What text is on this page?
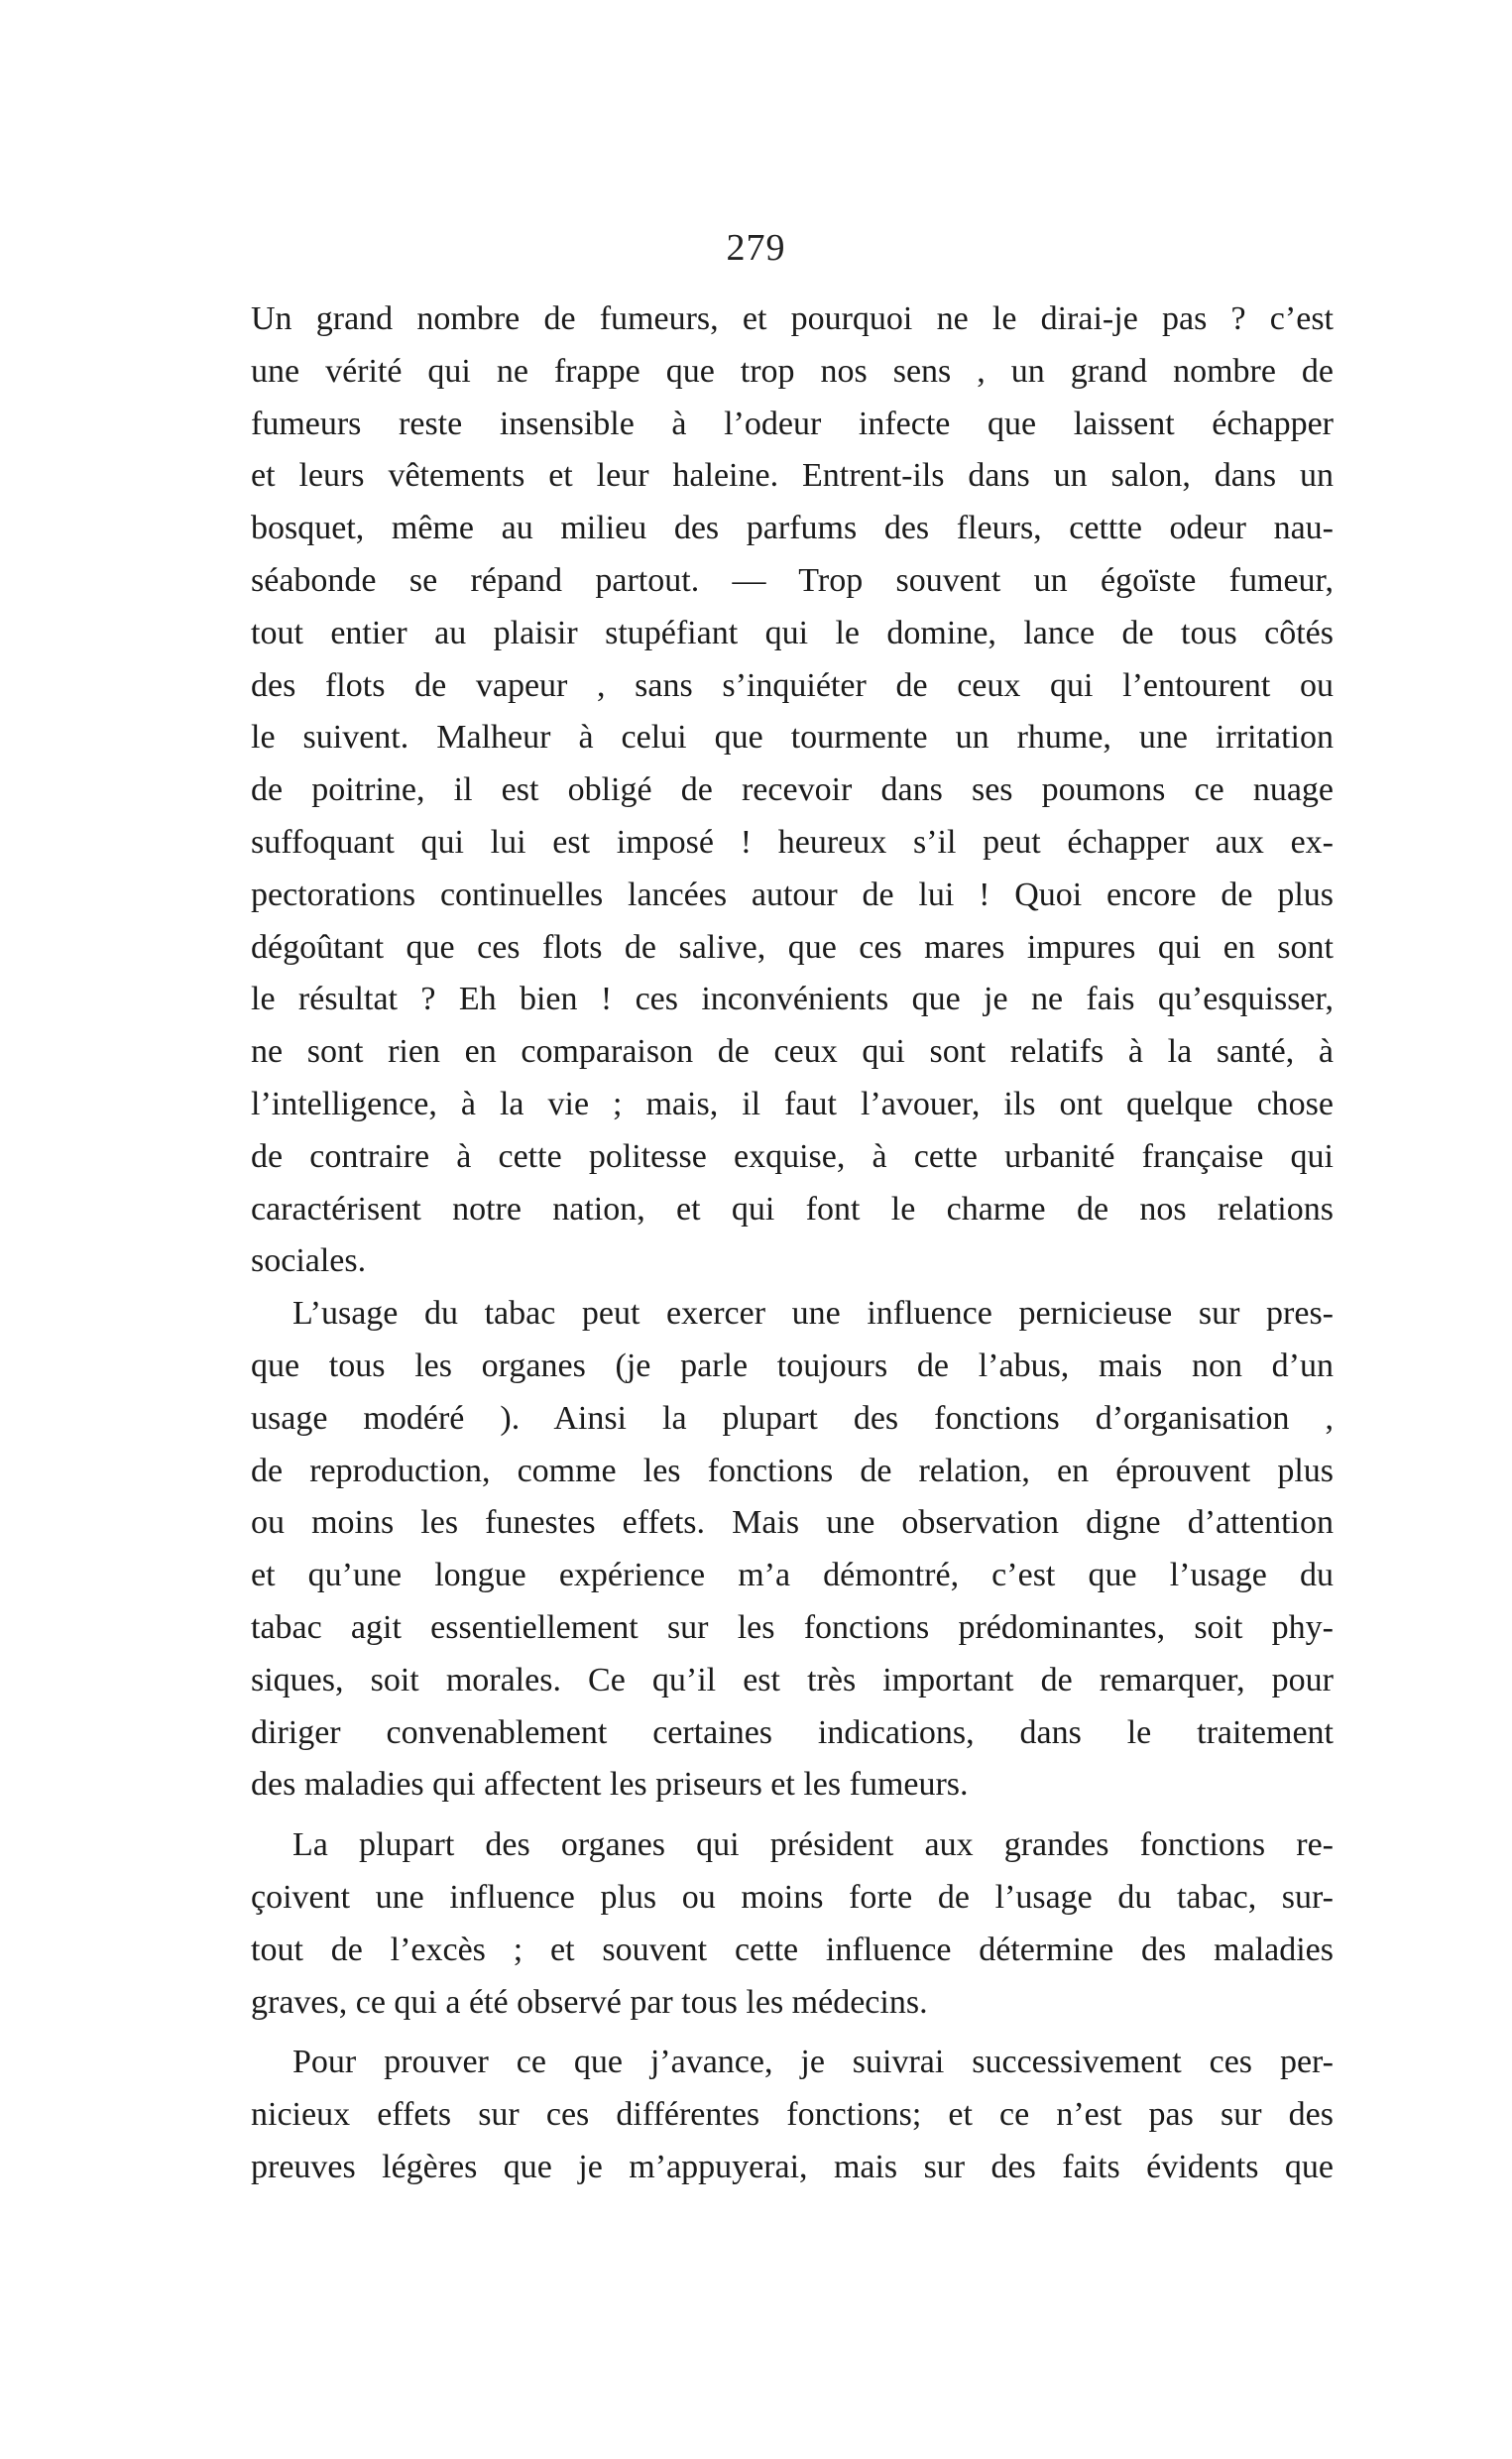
279
Un grand nombre de fumeurs, et pourquoi ne le dirai-je pas ? c’est
une vérité qui ne frappe que trop nos sens , un grand nombre de
fumeurs reste insensible à l’odeur infecte que laissent échapper
et leurs vêtements et leur haleine. Entrent-ils dans un salon, dans un
bosquet, même au milieu des parfums des fleurs, cettte odeur nau-
séabonde se répand partout. — Trop souvent un égoïste fumeur,
tout entier au plaisir stupéfiant qui le domine, lance de tous côtés
des flots de vapeur , sans s’inquiéter de ceux qui l’entourent ou
le suivent. Malheur à celui que tourmente un rhume, une irritation
de poitrine, il est obligé de recevoir dans ses poumons ce nuage
suffoquant qui lui est imposé ! heureux s’il peut échapper aux ex-
pectorations continuelles lancées autour de lui ! Quoi encore de plus
dégoûtant que ces flots de salive, que ces mares impures qui en sont
le résultat ? Eh bien ! ces inconvénients que je ne fais qu’esquisser,
ne sont rien en comparaison de ceux qui sont relatifs à la santé, à
l’intelligence, à la vie ; mais, il faut l’avouer, ils ont quelque chose
de contraire à cette politesse exquise, à cette urbanité française qui
caractérisent notre nation, et qui font le charme de nos relations
sociales.
L’usage du tabac peut exercer une influence pernicieuse sur pres-
que tous les organes (je parle toujours de l’abus, mais non d’un
usage modéré ). Ainsi la plupart des fonctions d’organisation ,
de reproduction, comme les fonctions de relation, en éprouvent plus
ou moins les funestes effets. Mais une observation digne d’attention
et qu’une longue expérience m’a démontré, c’est que l’usage du
tabac agit essentiellement sur les fonctions prédominantes, soit phy-
siques, soit morales. Ce qu’il est très important de remarquer, pour
diriger convenablement certaines indications, dans le traitement
des maladies qui affectent les priseurs et les fumeurs.
La plupart des organes qui président aux grandes fonctions re-
çoivent une influence plus ou moins forte de l’usage du tabac, sur-
tout de l’excès ; et souvent cette influence détermine des maladies
graves, ce qui a été observé par tous les médecins.
Pour prouver ce que j’avance, je suivrai successivement ces per-
nicieux effets sur ces différentes fonctions; et ce n’est pas sur des
preuves légères que je m’appuyerai, mais sur des faits évidents que
